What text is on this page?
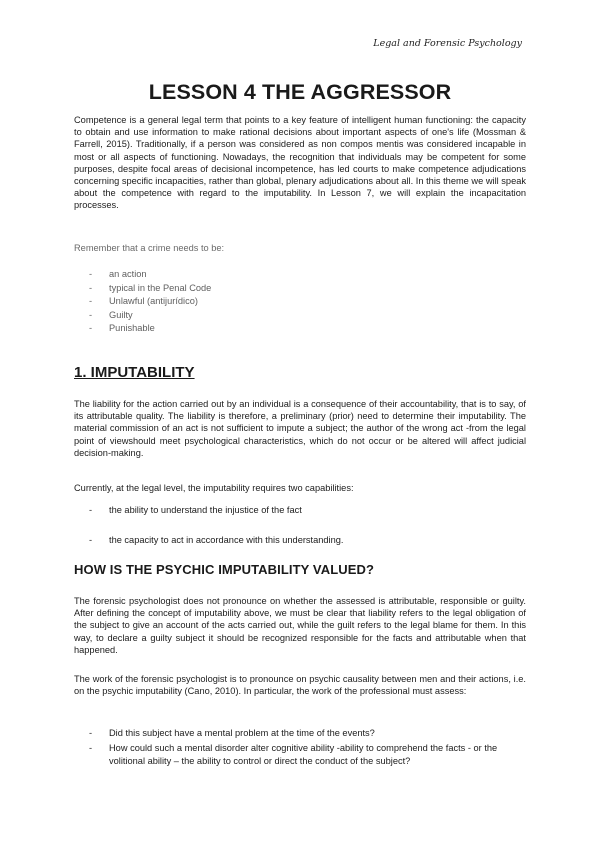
Legal and Forensic Psychology
LESSON 4 THE AGGRESSOR

Competence is a general legal term that points to a key feature of intelligent human functioning: the capacity to obtain and use information to make rational decisions about important aspects of one's life (Mossman & Farrell, 2015). Traditionally, if a person was considered as non compos mentis was considered incapable in most or all aspects of functioning. Nowadays, the recognition that individuals may be competent for some purposes, despite focal areas of decisional incompetence, has led courts to make competence adjudications concerning specific incapacities, rather than global, plenary adjudications about all. In this theme we will speak about the competence with regard to the imputability. In Lesson 7, we will explain the incapacitation processes.

Remember that a crime needs to be:

- an action
- typical in the Penal Code
- Unlawful (antijurídico)
- Guilty
- Punishable
1. IMPUTABILITY

The liability for the action carried out by an individual is a consequence of their accountability, that is to say, of its attributable quality. The liability is therefore, a preliminary (prior) need to determine their imputability. The material commission of an act is not sufficient to impute a subject; the author of the wrong act -from the legal point of viewshould meet psychological characteristics, which do not occur or be altered will affect judicial decision-making.

Currently, at the legal level, the imputability requires two capabilities:

- the ability to understand the injustice of the fact
- the capacity to act in accordance with this understanding.
HOW IS THE PSYCHIC IMPUTABILITY VALUED?

The forensic psychologist does not pronounce on whether the assessed is attributable, responsible or guilty. After defining the concept of imputability above, we must be clear that liability refers to the legal obligation of the subject to give an account of the acts carried out, while the guilt refers to the legal blame for them. In this way, to declare a guilty subject it should be recognized responsible for the facts and attributable when that happened.

The work of the forensic psychologist is to pronounce on psychic causality between men and their actions, i.e. on the psychic imputability (Cano, 2010). In particular, the work of the professional must assess:

- Did this subject have a mental problem at the time of the events?
- How could such a mental disorder alter cognitive ability -ability to comprehend the facts - or the volitional ability – the ability to control or direct the conduct of the subject?
